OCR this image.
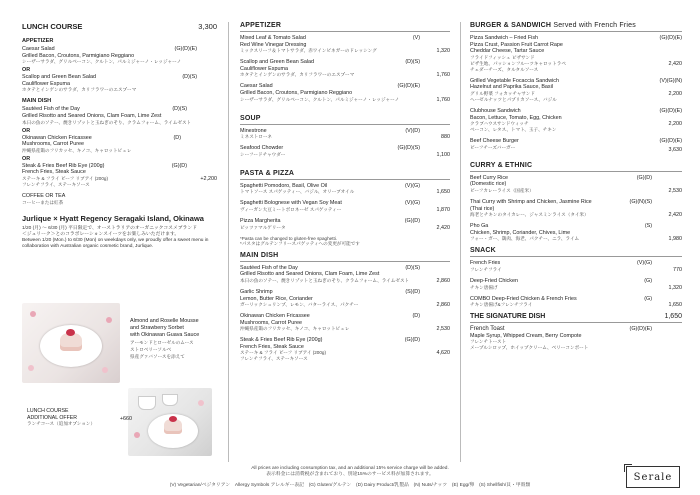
LUNCH COURSE	3,300
APPETIZER
Caesar Salad
Grilled Bacon, Croutons, Parmigiano Reggiano
シーザーサラダ、グリルベーコン、クルトン、パルミジャーノ・レッジャーノ
(G)(D)(E)
OR
Scallop and Green Bean Salad
Cauliflower Espuma
ホタテとインゲンのサラダ、カリフラワーのエスプーマ
(D)(S)
MAIN DISH
Sautéed Fish of the Day
Grilled Risotto and Seared Onions, Clam Foam, Lime Zest
本日の魚のソテー、焼きリゾットと玉ねぎのそり、クラムフォーム、ライムゼスト
(D)(S)
OR
Okinawan Chicken Fricassee
Mushrooms, Carrot Puree
沖縄県産鶏のフリカッセ、キノコ、キャロットピュレ
(D)
OR
Steak & Fries Beef Rib Eye (200g)
French Fries, Steak Sauce
ステーキ & フライ ビーフ リブアイ (200g)
フレンチフライ、ステーキソース
(G)(D)
+2,200
COFFEE OR TEA
コーヒーまたは紅茶
Jurlique × Hyatt Regency Seragaki Island, Okinawa
1/20 (月) ～ 6/30 (月) 平日限定で、オーストラリアのオーガニックコスメブランド
＜ジュリーク＞とのコラボレーションスイーツをお楽しみいただけます。
Between 1/20 (Mon.) to 6/30 (Mon) on weekdays only, we proudly offer a sweet menu in collaboration with Australian organic cosmetic brand, Jurlique.
Almond and Roselle Mousse
and Strawberry Sorbet
with Okinawan Guava Sauce
アーモンドとローゼルのムース
ストロベリーソルベ
県産グァバソースを添えて
LUNCH COURSE
ADDITIONAL OFFER
ランチコース（追加オプション）
+660
APPETIZER
Mixed Leaf & Tomato Salad
Red Wine Vinegar Dressing
ミックスリーフ＆トマトサラダ、赤ワインビネガーのドレッシング
(V)
1,320
Scallop and Green Bean Salad
Cauliflower Espuma
ホタテとインゲンのサラダ、カリフラワーのエスプーマ
(D)(S)
1,760
Caesar Salad
Grilled Bacon, Croutons, Parmigiano Reggiano
シーザーサラダ、グリルベーコン、クルトン、パルミジャーノ・レッジャーノ
(G)(D)(E)
1,760
SOUP
Minestrone
ミネストローネ
(V)(D)
880
Seafood Chowder
シーフードチャウダー
(G)(D)(S)
1,100
PASTA & PIZZA
Spaghetti Pomodoro, Basil, Olive Oil
トマトソース スパゲッティー、バジル、オリーブオイル
(V)(G)
1,650
Spaghetti Bolognese with Vegan Soy Meat
ヴィーガン大豆ミートボロネーゼ スパゲッティー
(V)(G)
1,870
Pizza Margherita
ピッツァマルゲリータ
(G)(D)
2,420
*Pasta can be changed to gluten-free spaghetti.
*パスタはグルテンフリースパゲッティへの変更が可能です
MAIN DISH
Sautéed Fish of the Day
Grilled Risotto and Seared Onions, Clam Foam, Lime Zest
本日の魚のソテー、焼きリゾットと玉ねぎのそり、クラムフォーム、ライムゼスト
(D)(S)
2,860
Garlic Shrimp
Lemon, Butter Rice, Coriander
ガーリックシュリンプ、レモン、バターライス、パクチー
(S)(D)
2,860
Okinawan Chicken Fricassee
Mushrooms, Carrot Puree
沖縄県産鶏のフリカッセ、キノコ、キャロットピュレ
(D)
2,530
Steak & Fries Beef Rib Eye (200g)
French Fries, Steak Sauce
ステーキ & フライ ビーフ リブアイ (200g)
フレンチフライ、ステーキソース
(G)(D)
4,620
BURGER & SANDWICH
Served with French Fries
Pizza Sandwich – Fried Fish
Pizza Crust, Passion Fruit Carrot Rape
Cheddar Cheese, Tartar Sauce
フライドフィッシュ ピザサンド
ピザ生地、パッションフルーツキャロットラペ
チェダーチーズ、タルタルソース
(G)(D)(E)
2,420
Grilled Vegetable Focaccia Sandwich
Hazelnut and Paprika Sauce, Basil
グリル野菜 フォカッチャサンド
ヘーゼルナッツとパプリカソース、バジル
(V)(G)(N)
2,200
Clubhouse Sandwich
Bacon, Lettuce, Tomato, Egg, Chicken
クラブハウスサンドウィッチ
ベーコン、レタス、トマト、玉子、チキン
(G)(D)(E)
2,200
Beef Cheese Burger
ビーフチーズバーガー

(G)(D)(E)
3,630
CURRY & ETHNIC
Beef Curry Rice
(Domestic rice)
ビーフカレーライス（国産米）
(G)(D)
2,530
Thai Curry with Shrimp and Chicken, Jasmine Rice
(Thai rice)
海老とチキンのタイカレー、ジャスミンライス（タイ米）
(G)(N)(S)
2,420
Pho Ga
Chicken, Shrimp, Coriander, Chives, Lime
フォー・ガー、鶏肉、海老、パクチー、ニラ、ライム
(S)
1,980
SNACK
French Fries
フレンチフライ
(V)(G)
770
Deep-Fried Chicken
チキン唐揚げ
(G)
1,320
COMBO Deep-Fried Chicken & French Fries
チキン唐揚げ&フレンチフライ
(G)
1,650
THE SIGNATURE DISH	1,650
French Toast
Maple Syrup, Whipped Cream, Berry Compote
フレンチトースト
メープルシロップ、ホイップクリーム、ベリーコンポート
(G)(D)(E)
Serale
All prices are including consumption tax, and an additional 15% service charge will be added.
表示料金には消費税が含まれており、別途15%のサービス料が加算されます。
(V) Vegetarian/ベジタリアン　Allergy Symbols アレルギー表記　(G) Gluten/グルテン　(D) Dairy Product/乳製品　(N) Nuts/ナッツ　(E) Egg/卵　(S) Shellfish/貝・甲殻類
